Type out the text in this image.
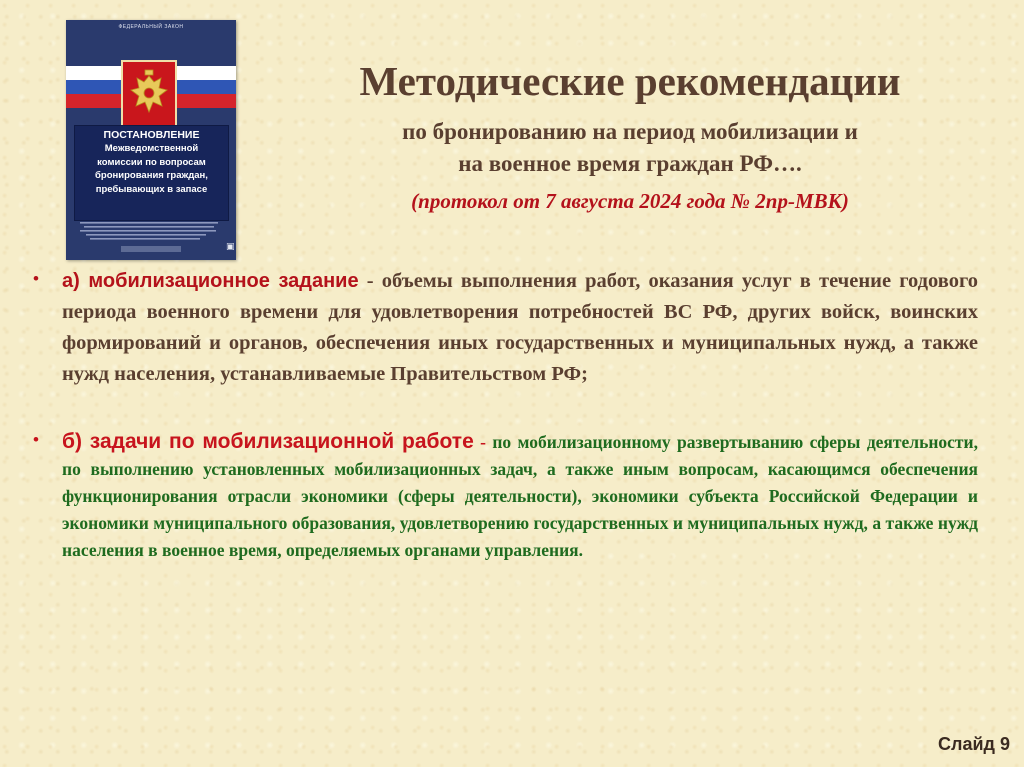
ФЕДЕРАЛЬНЫЙ ЗАКОН
ПОСТАНОВЛЕНИЕ
Межведомственной
комиссии по вопросам
бронирования граждан,
пребывающих в запасе
▣
Методические рекомендации
по бронированию на период мобилизации и
на военное время граждан РФ….
(протокол от 7 августа 2024 года № 2пр-МВК)
• а) мобилизационное задание - объемы выполнения работ, оказания услуг в течение годового периода военного времени для удовлетворения потребностей ВС РФ, других войск, воинских формирований и органов, обеспечения иных государственных и муниципальных нужд, а также нужд населения, устанавливаемые Правительством РФ;

• б) задачи по мобилизационной работе - по мобилизационному развертыванию сферы деятельности, по выполнению установленных мобилизационных задач, а также иным вопросам, касающимся обеспечения функционирования отрасли экономики (сферы деятельности), экономики субъекта Российской Федерации и экономики муниципального образования, удовлетворению государственных и муниципальных нужд, а также нужд населения в военное время, определяемых органами управления.

Слайд 9
